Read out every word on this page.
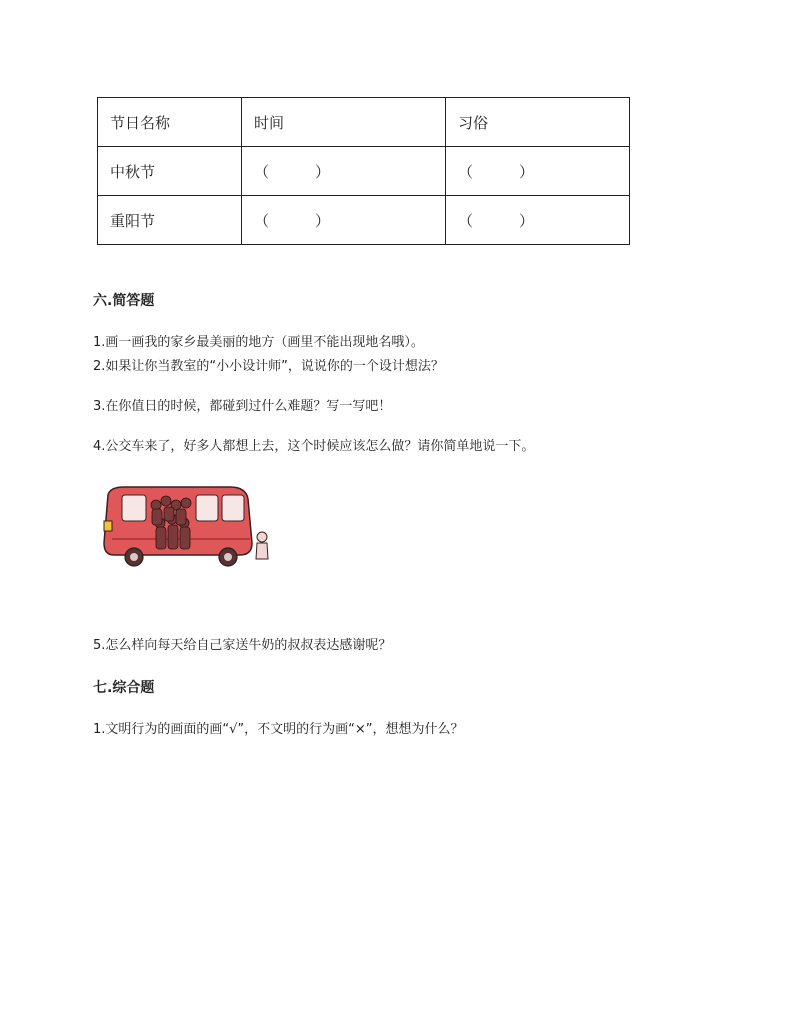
节日名称	时间	习俗
中秋节	（ ）	（ ）
重阳节	（ ）	（ ）
六.简答题
1.画一画我的家乡最美丽的地方（画里不能出现地名哦）。
2.如果让你当教室的“小小设计师”，说说你的一个设计想法？
3.在你值日的时候，都碰到过什么难题？写一写吧！
4.公交车来了，好多人都想上去，这个时候应该怎么做？请你简单地说一下。
5.怎么样向每天给自己家送牛奶的叔叔表达感谢呢？
七.综合题
1.文明行为的画面的画“√”，不文明的行为画“×”，想想为什么？
